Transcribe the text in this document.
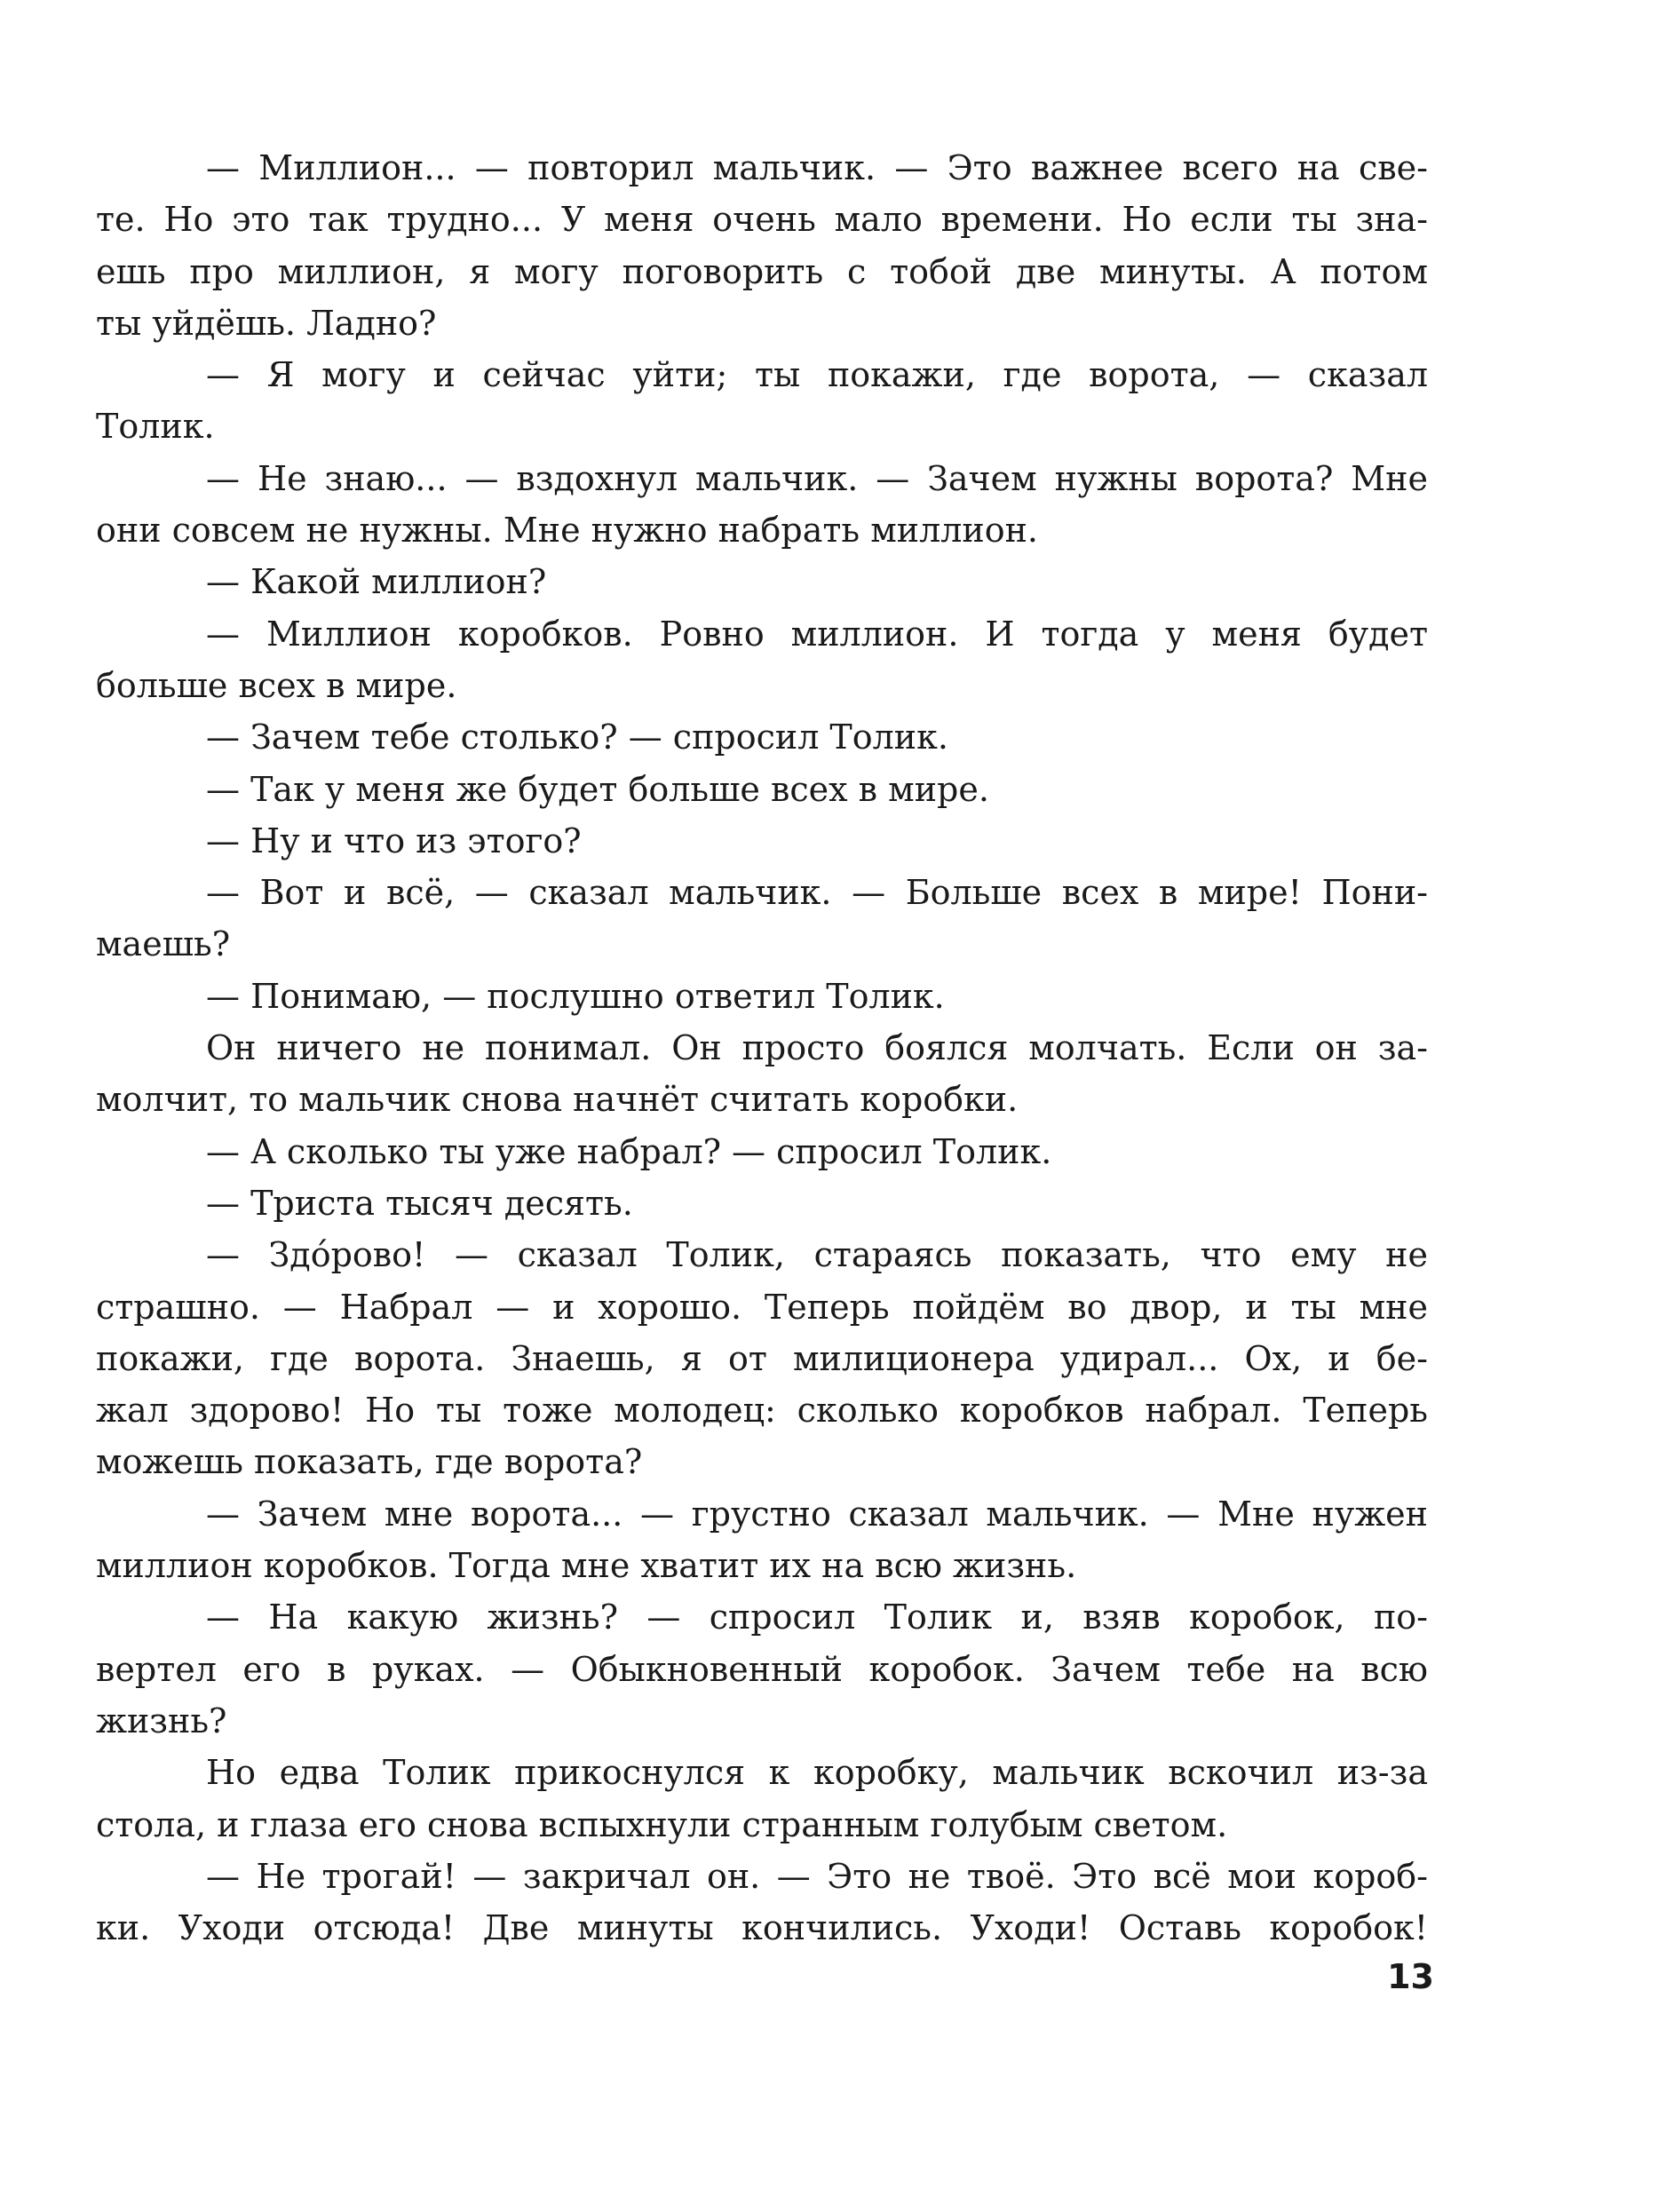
— Миллион... — повторил мальчик. — Это важнее всего на све-
те. Но это так трудно... У меня очень мало времени. Но если ты зна-
ешь про миллион, я могу поговорить с тобой две минуты. А потом
ты уйдёшь. Ладно?
— Я могу и сейчас уйти; ты покажи, где ворота, — сказал
Толик.
— Не знаю... — вздохнул мальчик. — Зачем нужны ворота? Мне
они совсем не нужны. Мне нужно набрать миллион.
— Какой миллион?
— Миллион коробков. Ровно миллион. И тогда у меня будет
больше всех в мире.
— Зачем тебе столько? — спросил Толик.
— Так у меня же будет больше всех в мире.
— Ну и что из этого?
— Вот и всё, — сказал мальчик. — Больше всех в мире! Пони-
маешь?
— Понимаю, — послушно ответил Толик.
Он ничего не понимал. Он просто боялся молчать. Если он за-
молчит, то мальчик снова начнёт считать коробки.
— А сколько ты уже набрал? — спросил Толик.
— Триста тысяч десять.
— Здóрово! — сказал Толик, стараясь показать, что ему не
страшно. — Набрал — и хорошо. Теперь пойдём во двор, и ты мне
покажи, где ворота. Знаешь, я от милиционера удирал... Ох, и бе-
жал здорово! Но ты тоже молодец: сколько коробков набрал. Теперь
можешь показать, где ворота?
— Зачем мне ворота... — грустно сказал мальчик. — Мне нужен
миллион коробков. Тогда мне хватит их на всю жизнь.
— На какую жизнь? — спросил Толик и, взяв коробок, по-
вертел его в руках. — Обыкновенный коробок. Зачем тебе на всю
жизнь?
Но едва Толик прикоснулся к коробку, мальчик вскочил из-за
стола, и глаза его снова вспыхнули странным голубым светом.
— Не трогай! — закричал он. — Это не твоё. Это всё мои короб-
ки. Уходи отсюда! Две минуты кончились. Уходи! Оставь коробок!
13
